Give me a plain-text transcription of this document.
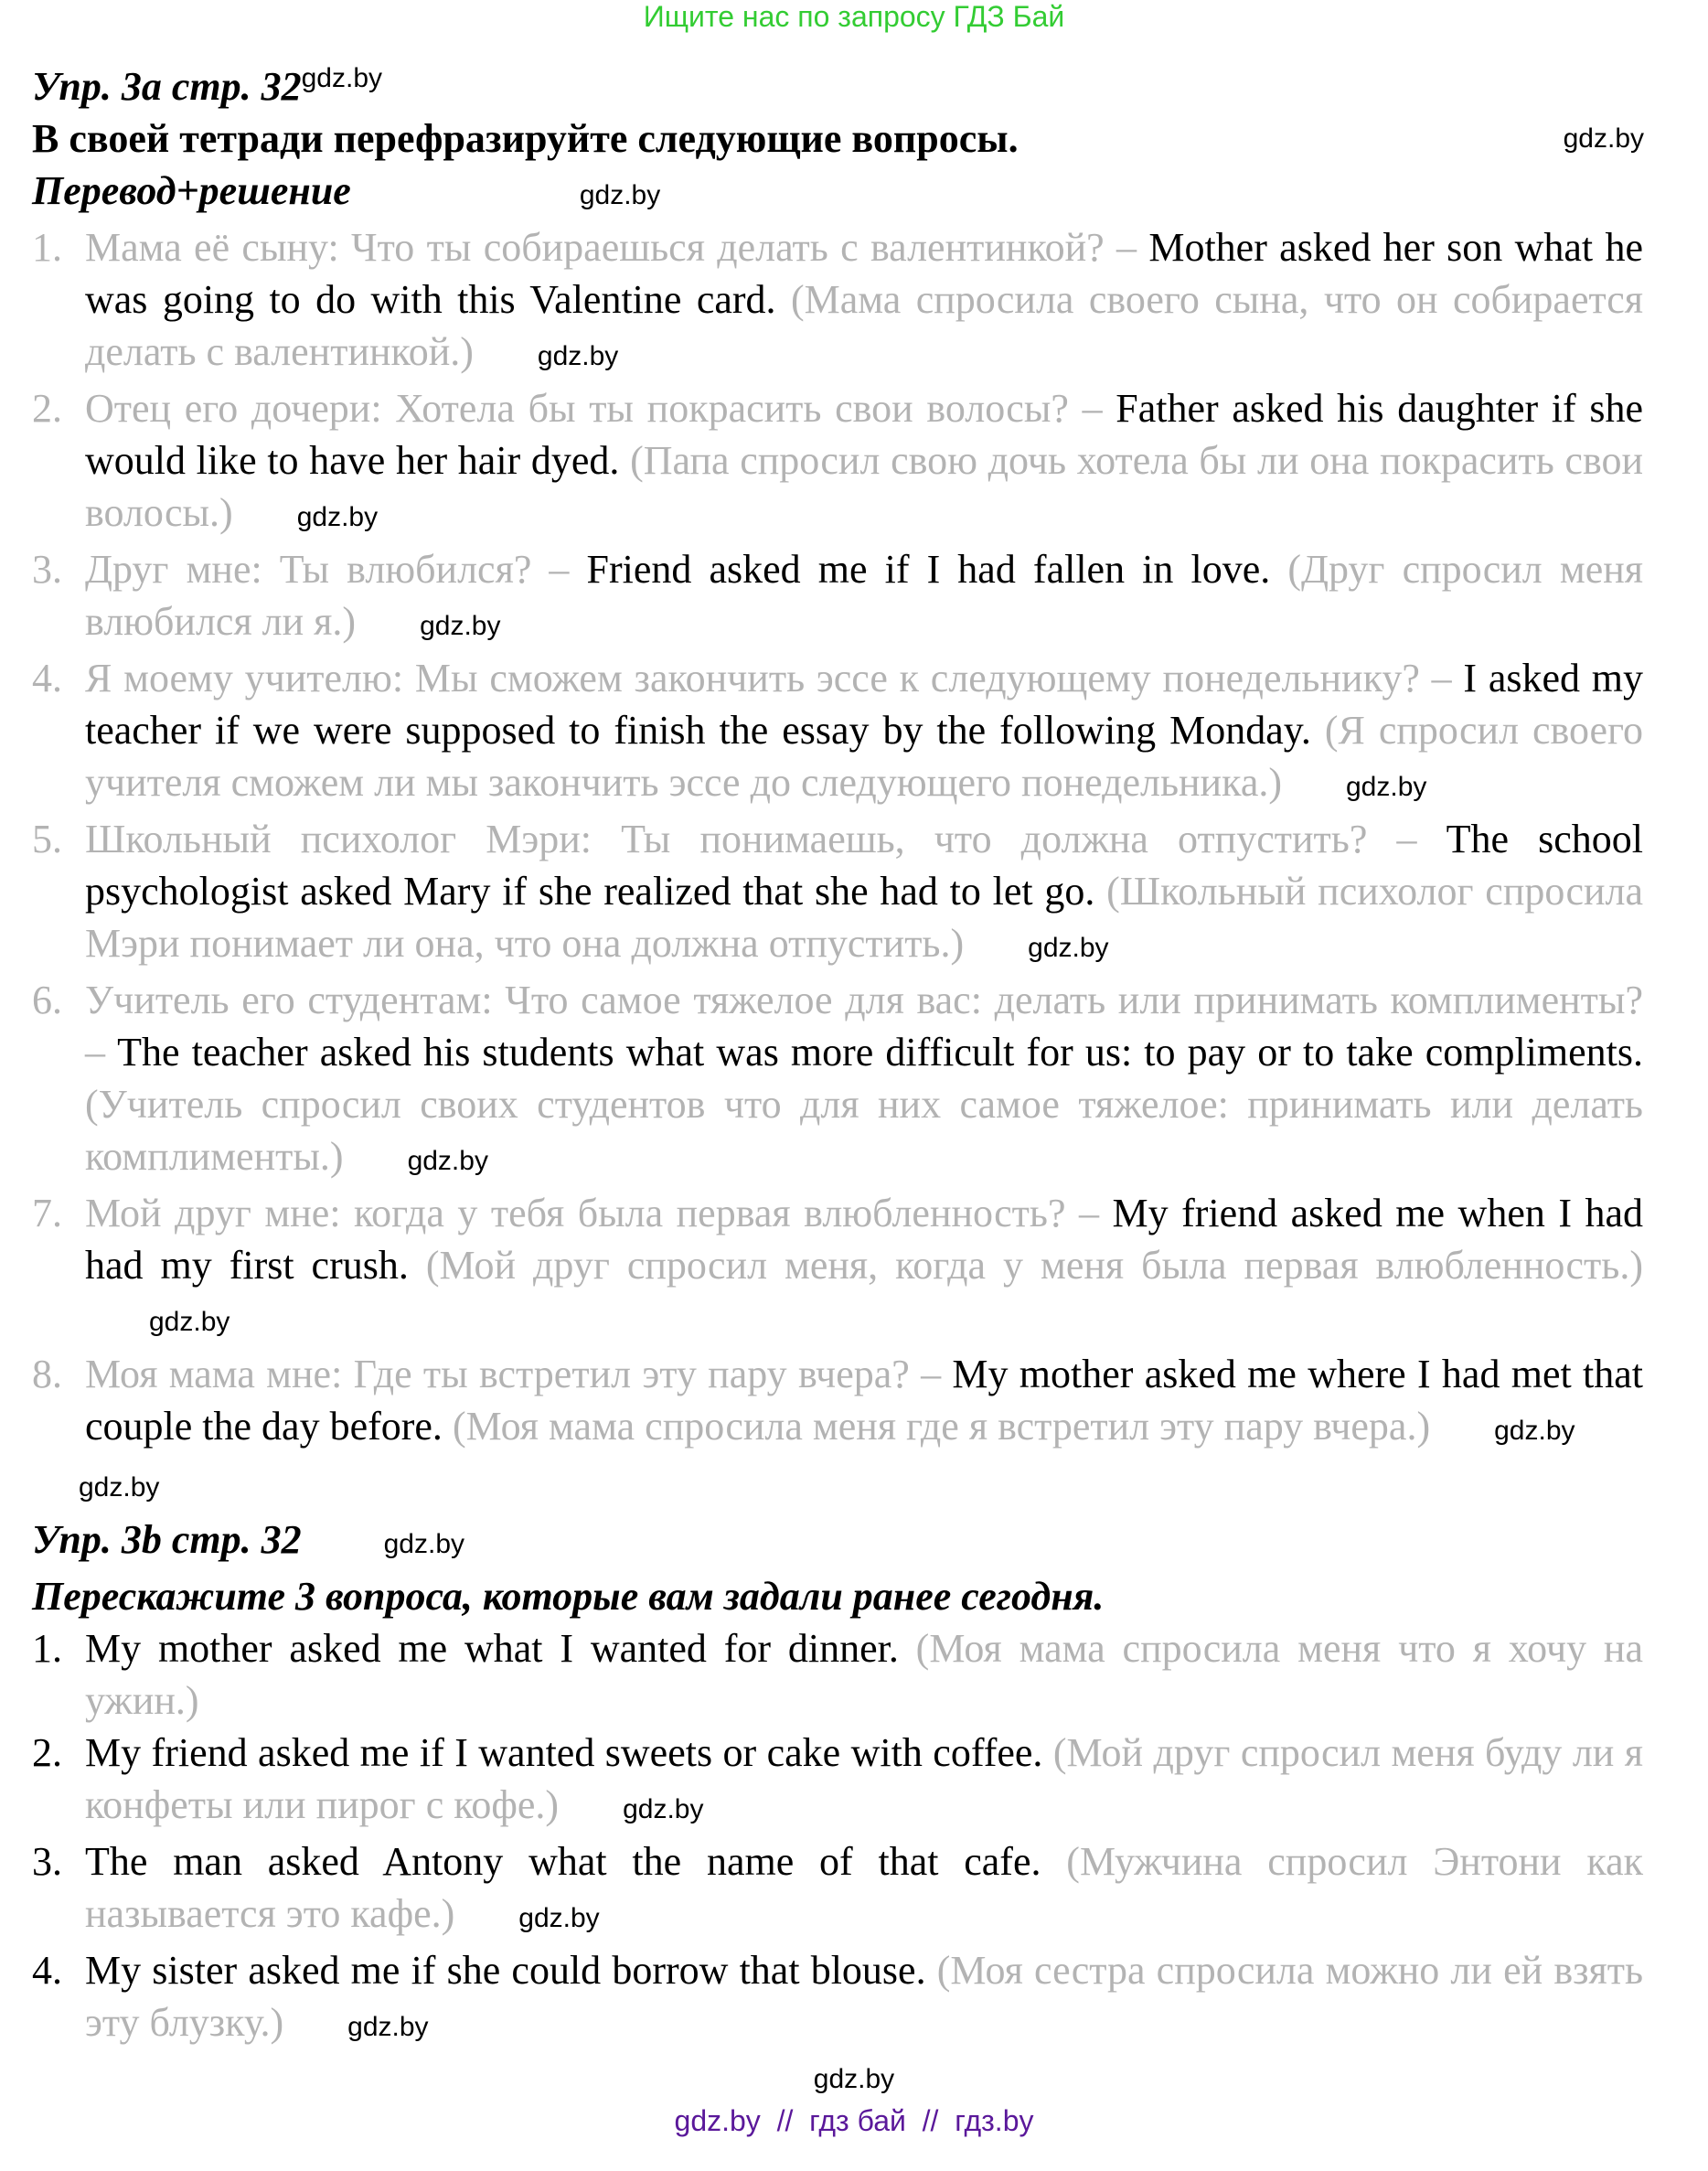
Ищите нас по запросу ГДЗ Бай
Упр. 3а стр. $32^{gdz.by}$
gdz.by
В своей тетради перефразируйте следующие вопросы.
Перевод+решение	gdz.by
1. Мама её сыну: Что ты собираешься делать с валентинкой? – Mother asked her son what he was going to do with this Valentine card. (Мама спросила своего сына, что он собирается делать с валентинкой.) gdz.by
2. Отец его дочери: Хотела бы ты покрасить свои волосы? – Father asked his daughter if she would like to have her hair dyed. (Папа спросил свою дочь хотела бы ли она покрасить свои волосы.) gdz.by
3. Друг мне: Ты влюбился? – Friend asked me if I had fallen in love. (Друг спросил меня влюбился ли я.) gdz.by
4. Я моему учителю: Мы сможем закончить эссе к следующему понедельнику? – I asked my teacher if we were supposed to finish the essay by the following Monday. (Я спросил своего учителя сможем ли мы закончить эссе до следующего понедельника.) gdz.by
5. Школьный психолог Мэри: Ты понимаешь, что должна отпустить? – The school psychologist asked Mary if she realized that she had to let go. (Школьный психолог спросила Мэри понимает ли она, что она должна отпустить.) gdz.by
6. Учитель его студентам: Что самое тяжелое для вас: делать или принимать комплименты? – The teacher asked his students what was more difficult for us: to pay or to take compliments. (Учитель спросил своих студентов что для них самое тяжелое: принимать или делать комплименты.) gdz.by
7. Мой друг мне: когда у тебя была первая влюбленность? – My friend asked me when I had had my first crush. (Мой друг спросил меня, когда у меня была первая влюбленность.)gdz.by
8. Моя мама мне: Где ты встретил эту пару вчера? – My mother asked me where I had met that couple the day before. (Моя мама спросила меня где я встретил эту пару вчера.) gdz.by
gdz.by
Упр. 3b стр. 32	gdz.by
Перескажите 3 вопроса, которые вам задали ранее сегодня.
1. My mother asked me what I wanted for dinner. (Моя мама спросила меня что я хочу на ужин.)
2. My friend asked me if I wanted sweets or cake with coffee. (Мой друг спросил меня буду ли я конфеты или пирог с кофе.) gdz.by
3. The man asked Antony what the name of that cafe. (Мужчина спросил Энтони как называется это кафе.) gdz.by
4. My sister asked me if she could borrow that blouse. (Моя сестра спросила можно ли ей взять эту блузку.) gdz.by
gdz.by
gdz.by  //  гдз бай  //  гдз.by
